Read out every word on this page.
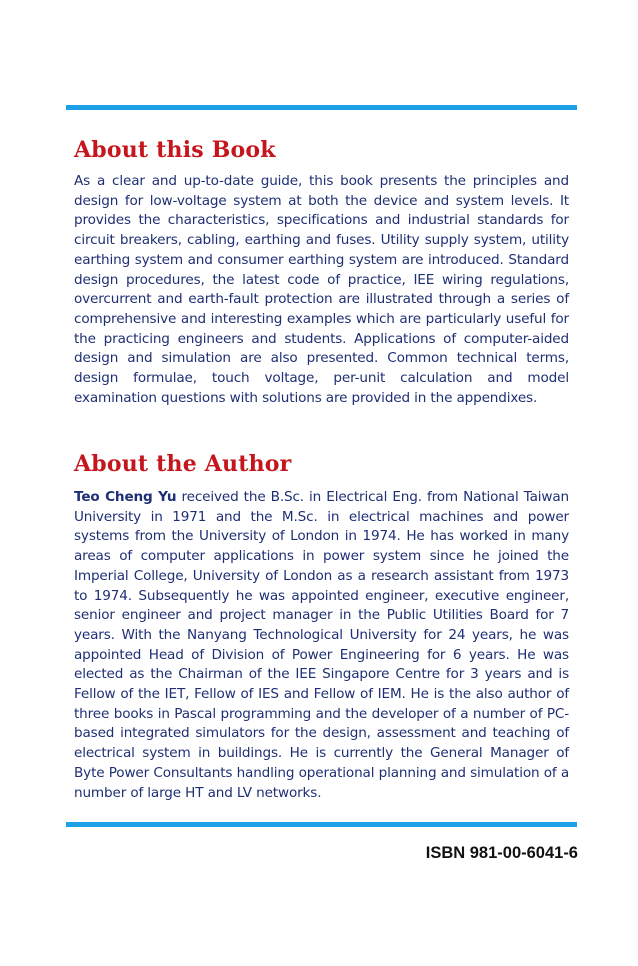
About this Book

As a clear and up-to-date guide, this book presents the principles and design for low-voltage system at both the device and system levels. It provides the characteristics, specifications and industrial standards for circuit breakers, cabling, earthing and fuses. Utility supply system, utility earthing system and consumer earthing system are introduced. Standard design procedures, the latest code of practice, IEE wiring regulations, overcurrent and earth-fault protection are illustrated through a series of comprehensive and interesting examples which are particularly useful for the practicing engineers and students. Applications of computer-aided design and simulation are also presented. Common technical terms, design formulae, touch voltage, per-unit calculation and model examination questions with solutions are provided in the appendixes.

About the Author

Teo Cheng Yu received the B.Sc. in Electrical Eng. from National Taiwan University in 1971 and the M.Sc. in electrical machines and power systems from the University of London in 1974. He has worked in many areas of computer applications in power system since he joined the Imperial College, University of London as a research assistant from 1973 to 1974. Subsequently he was appointed engineer, executive engineer, senior engineer and project manager in the Public Utilities Board for 7 years. With the Nanyang Technological University for 24 years, he was appointed Head of Division of Power Engineering for 6 years. He was elected as the Chairman of the IEE Singapore Centre for 3 years and is Fellow of the IET, Fellow of IES and Fellow of IEM. He is the also author of three books in Pascal programming and the developer of a number of PC-based integrated simulators for the design, assessment and teaching of electrical system in buildings. He is currently the General Manager of Byte Power Consultants handling operational planning and simulation of a number of large HT and LV networks.

ISBN 981-00-6041-6
